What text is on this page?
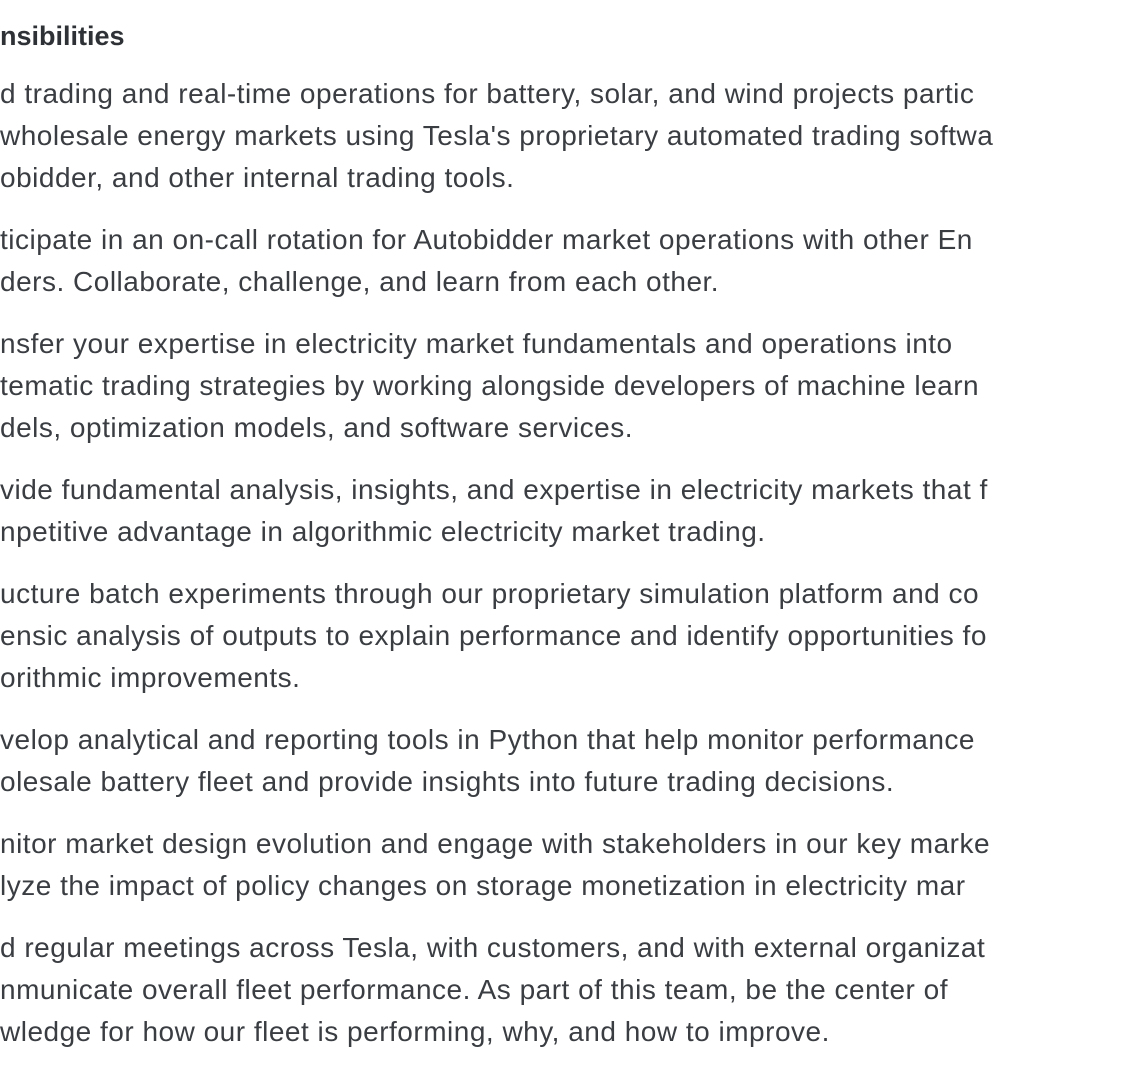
nsibilities

d trading and real-time operations for battery, solar, and wind projects partic
wholesale energy markets using Tesla's proprietary automated trading softwa
obidder, and other internal trading tools.

ticipate in an on-call rotation for Autobidder market operations with other En
ders. Collaborate, challenge, and learn from each other.

nsfer your expertise in electricity market fundamentals and operations into
tematic trading strategies by working alongside developers of machine learn
dels, optimization models, and software services.

vide fundamental analysis, insights, and expertise in electricity markets that f
npetitive advantage in algorithmic electricity market trading.

ucture batch experiments through our proprietary simulation platform and co
ensic analysis of outputs to explain performance and identify opportunities fo
orithmic improvements.

velop analytical and reporting tools in Python that help monitor performance
olesale battery fleet and provide insights into future trading decisions.

nitor market design evolution and engage with stakeholders in our key marke
lyze the impact of policy changes on storage monetization in electricity mar

d regular meetings across Tesla, with customers, and with external organizat
nmunicate overall fleet performance. As part of this team, be the center of
wledge for how our fleet is performing, why, and how to improve.
